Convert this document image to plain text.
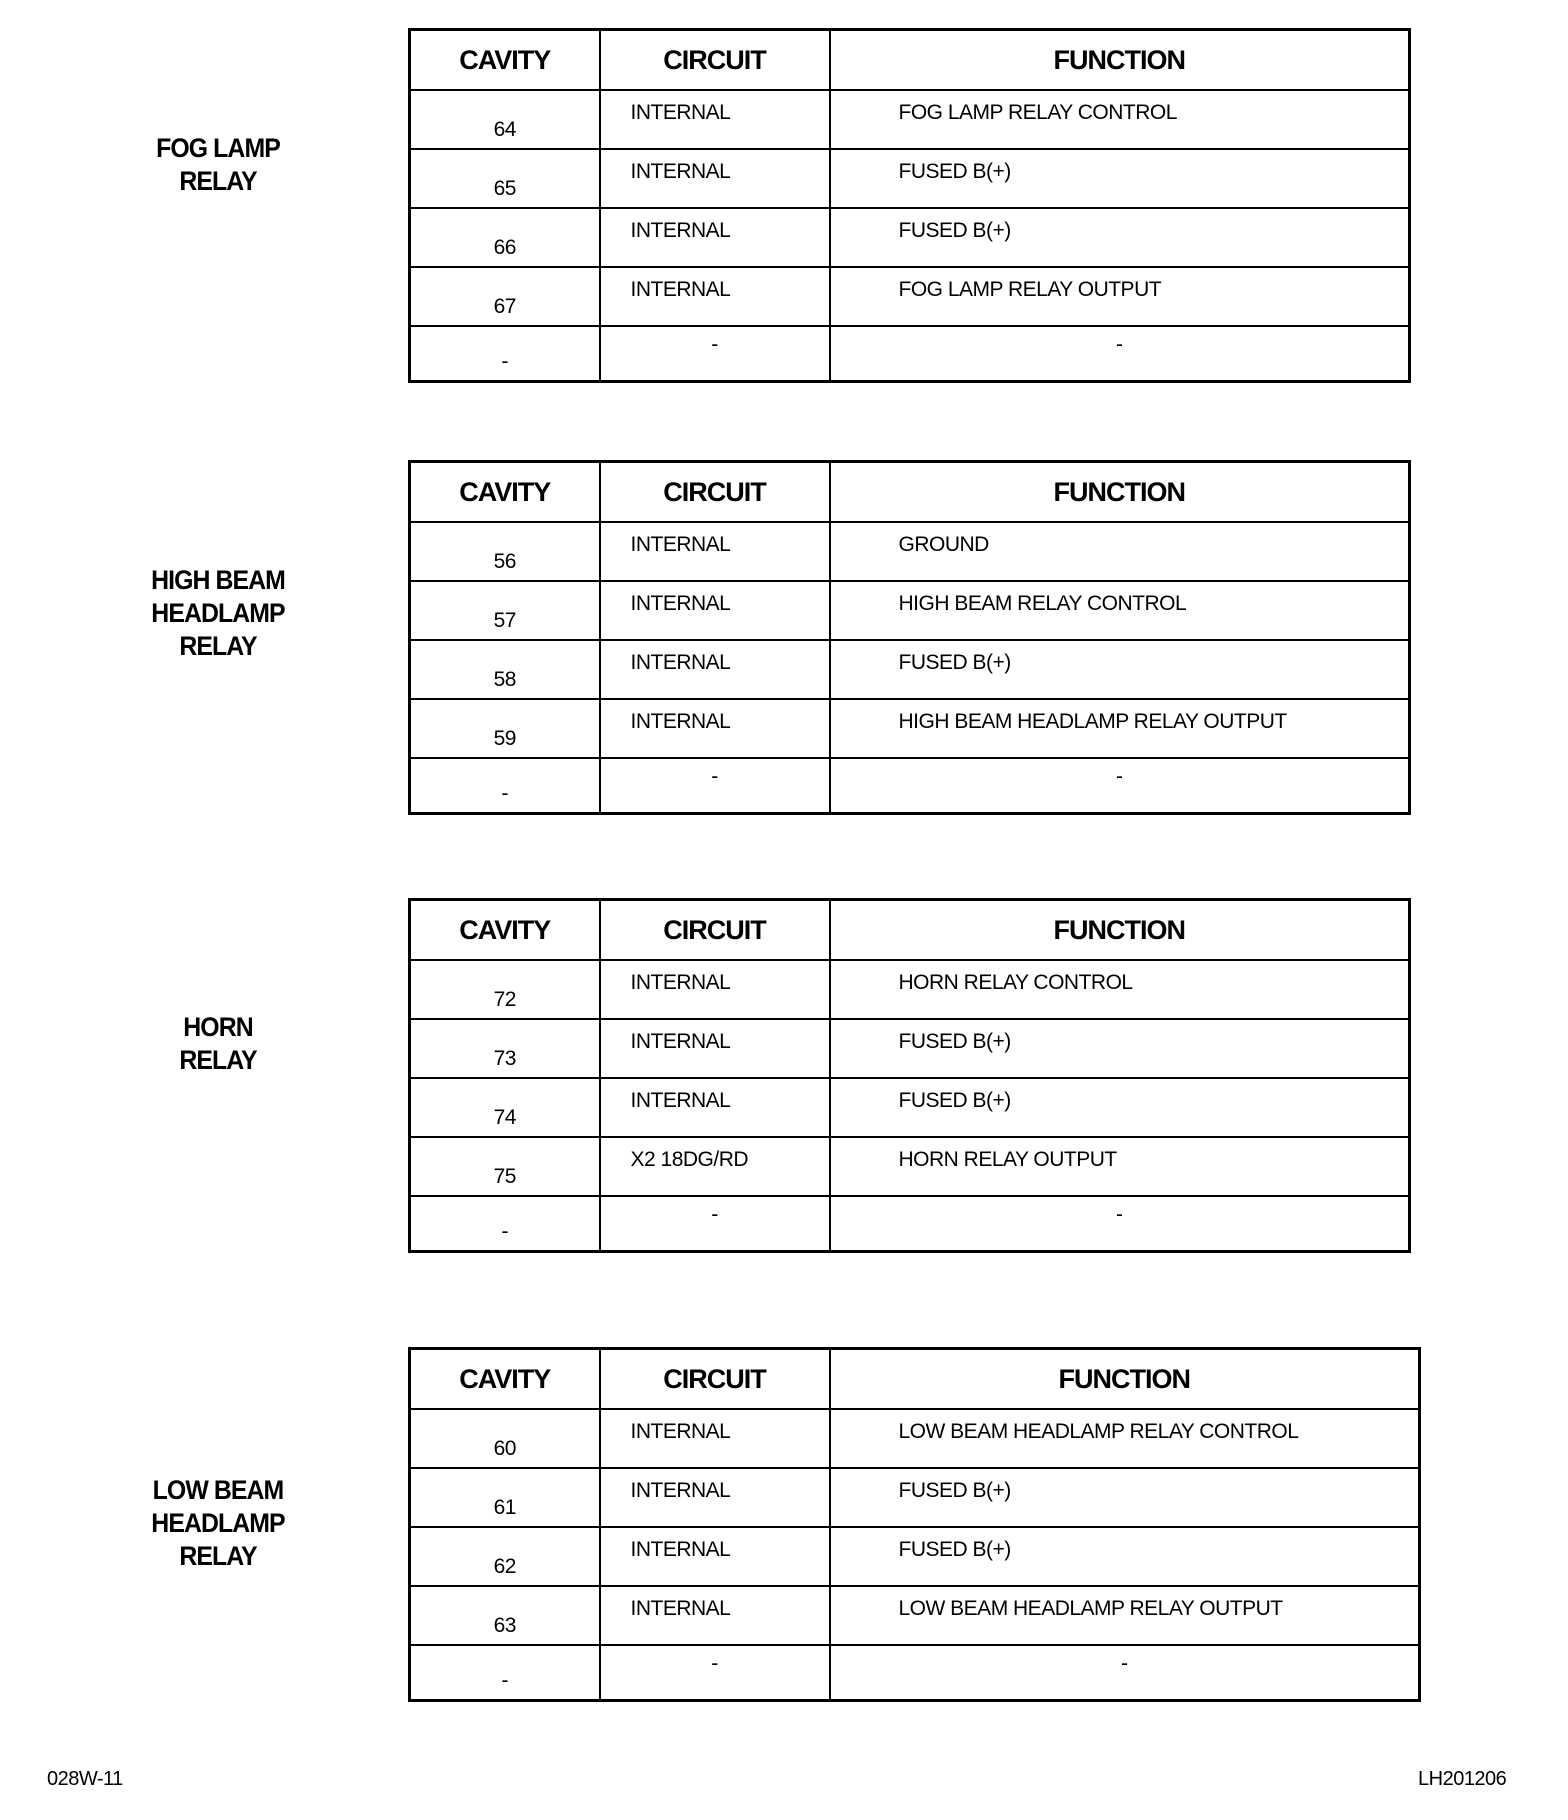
FOG LAMP
RELAY
CAVITY	CIRCUIT	FUNCTION
64	INTERNAL	FOG LAMP RELAY CONTROL
65	INTERNAL	FUSED B(+)
66	INTERNAL	FUSED B(+)
67	INTERNAL	FOG LAMP RELAY OUTPUT
-	-	-
HIGH BEAM
HEADLAMP
RELAY
CAVITY	CIRCUIT	FUNCTION
56	INTERNAL	GROUND
57	INTERNAL	HIGH BEAM RELAY CONTROL
58	INTERNAL	FUSED B(+)
59	INTERNAL	HIGH BEAM HEADLAMP RELAY OUTPUT
-	-	-
HORN
RELAY
CAVITY	CIRCUIT	FUNCTION
72	INTERNAL	HORN RELAY CONTROL
73	INTERNAL	FUSED B(+)
74	INTERNAL	FUSED B(+)
75	X2 18DG/RD	HORN RELAY OUTPUT
-	-	-
LOW BEAM
HEADLAMP
RELAY
CAVITY	CIRCUIT	FUNCTION
60	INTERNAL	LOW BEAM HEADLAMP RELAY CONTROL
61	INTERNAL	FUSED B(+)
62	INTERNAL	FUSED B(+)
63	INTERNAL	LOW BEAM HEADLAMP RELAY OUTPUT
-	-	-
028W-11	LH201206
